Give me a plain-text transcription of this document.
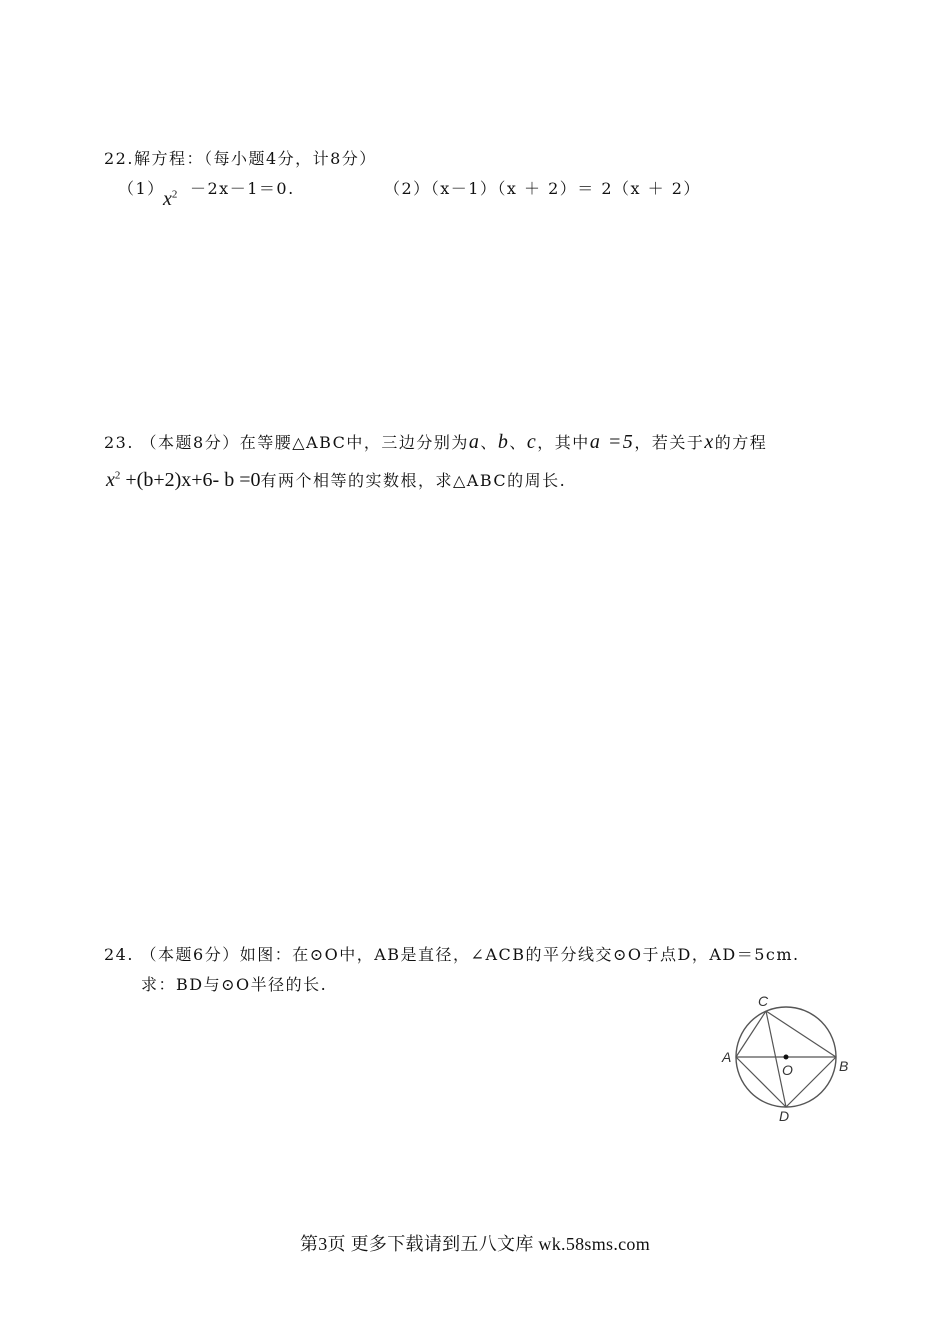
22.解方程：（每小题4分，计8分）
（1）
$x^2 -2x-1=0$.	（2）（x－1）（x ＋ 2）＝ 2（x ＋ 2）
23. （本题8分）在等腰△ABC中，三边分别为a、b、c，其中a =5，若关于x的方程
$x^2 +(b+2)x+6-$ b =0有两个相等的实数根，求△ABC的周长.
24. （本题6分）如图：在⊙O中，AB是直径，∠ACB的平分线交⊙O于点D，AD＝5cm.
求：BD与⊙O半径的长.
C
A
B
O
D
第3页 更多下载请到五八文库 wk.58sms.com
